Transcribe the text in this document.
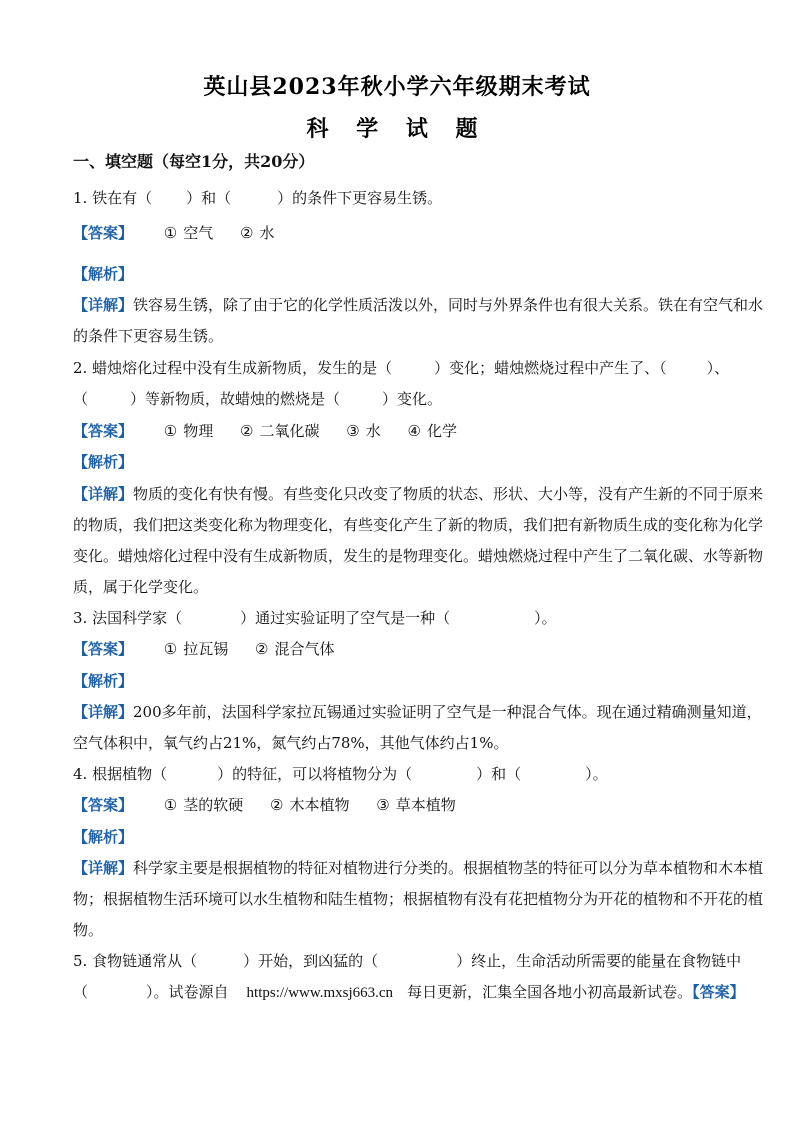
英山县2023年秋小学六年级期末考试
科 学 试 题
一、填空题（每空1分，共20分）
1. 铁在有（ ）和（	）的条件下更容易生锈。
【答案】 ① 空气 ② 水
【解析】
【详解】铁容易生锈，除了由于它的化学性质活泼以外，同时与外界条件也有很大关系。铁在有空气和水
的条件下更容易生锈。
2. 蜡烛熔化过程中没有生成新物质，发生的是（	）变化；蜡烛燃烧过程中产生了、（	）、
（	）等新物质，故蜡烛的燃烧是（	）变化。
【答案】 ① 物理 ② 二氧化碳 ③ 水 ④ 化学
【解析】
【详解】物质的变化有快有慢。有些变化只改变了物质的状态、形状、大小等，没有产生新的不同于原来
的物质，我们把这类变化称为物理变化，有些变化产生了新的物质，我们把有新物质生成的变化称为化学
变化。蜡烛熔化过程中没有生成新物质，发生的是物理变化。蜡烛燃烧过程中产生了二氧化碳、水等新物
质，属于化学变化。
3. 法国科学家（	）通过实验证明了空气是一种（	）。
【答案】 ① 拉瓦锡 ② 混合气体
【解析】
【详解】200多年前，法国科学家拉瓦锡通过实验证明了空气是一种混合气体。现在通过精确测量知道，
空气体积中，氧气约占21%，氮气约占78%，其他气体约占1%。
4. 根据植物（	）的特征，可以将植物分为（	）和（	）。
【答案】 ① 茎的软硬 ② 木本植物 ③ 草本植物
【解析】
【详解】科学家主要是根据植物的特征对植物进行分类的。根据植物茎的特征可以分为草本植物和木本植
物；根据植物生活环境可以水生植物和陆生植物；根据植物有没有花把植物分为开花的植物和不开花的植
物。
5. 食物链通常从（	）开始，到凶猛的（	）终止，生命活动所需要的能量在食物链中
（	）。试卷源自 https://www.mxsj663.cn 每日更新，汇集全国各地小初高最新试卷。【答案】
